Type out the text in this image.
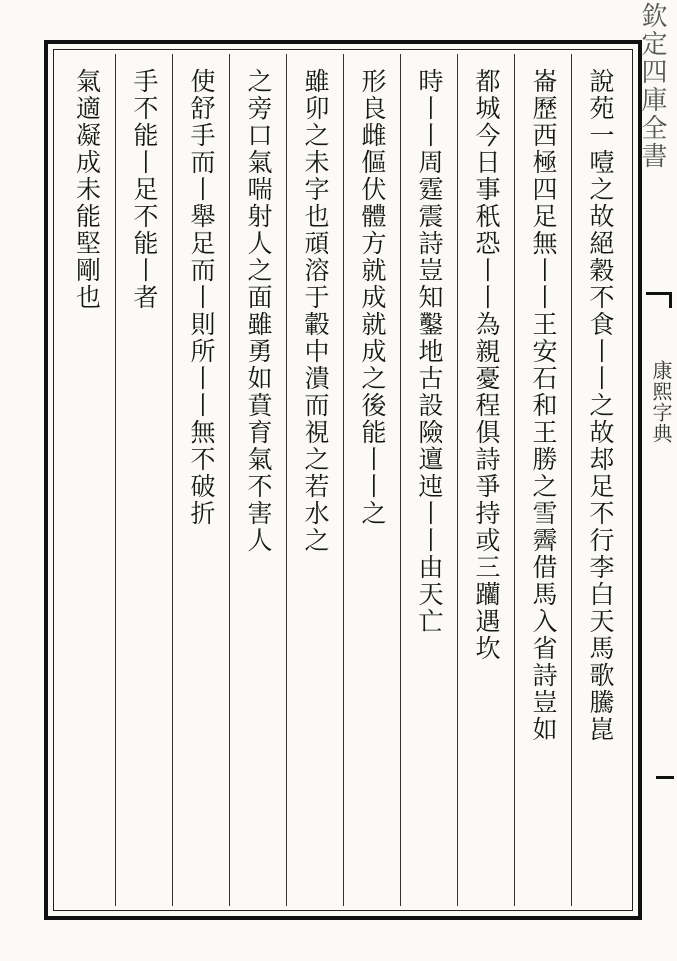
欽定四庫全書
說苑一噎之故絕穀不食丨丨之故𨚫足不行李白天馬歌騰崑
崙歷西極四足無丨丨王安石和王勝之雪霽借馬入省詩豈如
都城今日事秖恐丨丨為親憂程俱詩爭持或三躪遇坎
時丨丨周霆震詩豈知鑿地古設險邅迍丨丨由天亡
形良雌傴伏體方就成就成之後能丨丨之
雖卯之未字也頑溶于轂中潰而視之若水之
之旁口氣喘射人之面雖勇如賁育氣不害人
使舒手而丨舉足而丨則所丨丨無不破折
手不能丨足不能丨者
氣適凝成未能堅剛也
康熙字典
